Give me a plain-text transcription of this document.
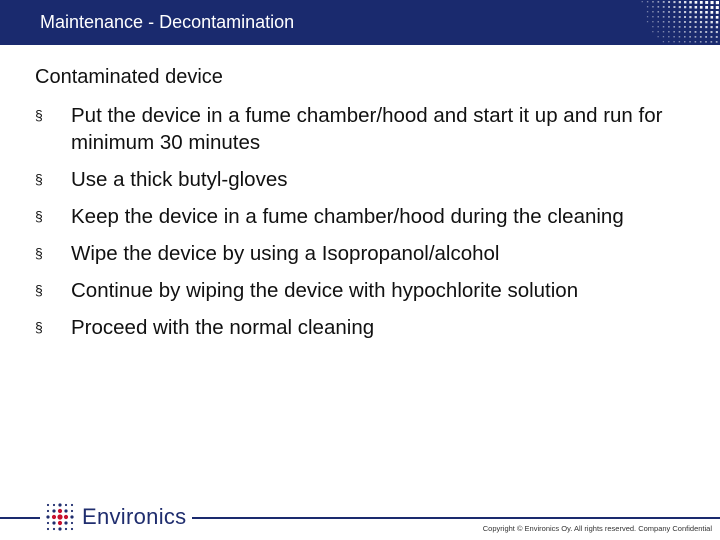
Maintenance - Decontamination
Contaminated device
§ Put the device in a fume chamber/hood and start it up and run for minimum 30 minutes
§ Use a thick butyl-gloves
§ Keep the device in a fume chamber/hood during the cleaning
§ Wipe the device by using a Isopropanol/alcohol
§ Continue by wiping the device with hypochlorite solution
§ Proceed with the normal cleaning
Environics	Copyright © Environics Oy. All rights reserved. Company Confidential
